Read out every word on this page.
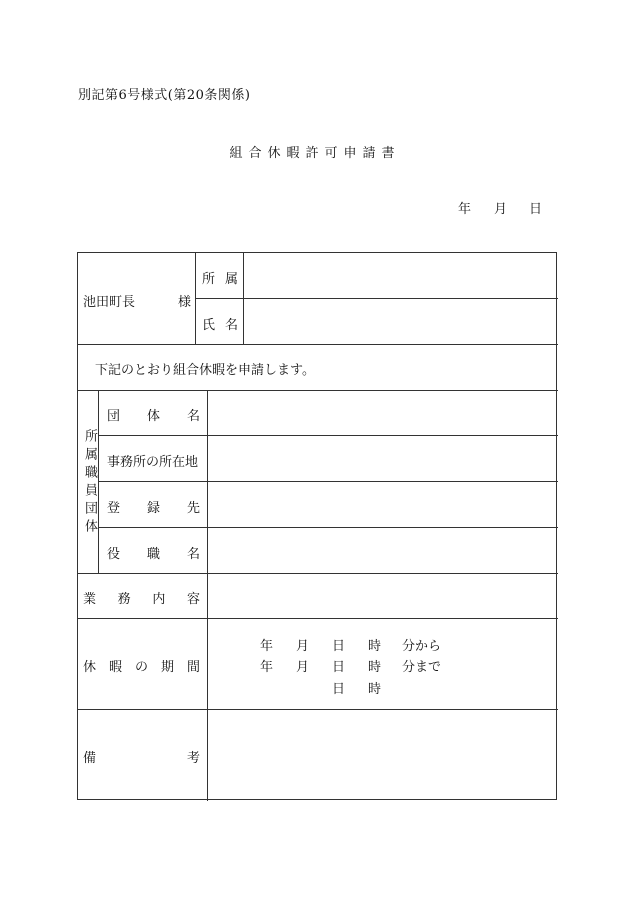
別記第6号様式(第20条関係)
組合休暇許可申請書
年 月 日
池田町長	様
所 属
氏 名
下記のとおり組合休暇を申請します。
所属職員団体
団 体 名
事務所の所在地
登 録 先
役 職 名
業 務 内 容
休 暇 の 期 間
年 月 日 時 分から
年 月 日 時 分まで
日 時
備	考
